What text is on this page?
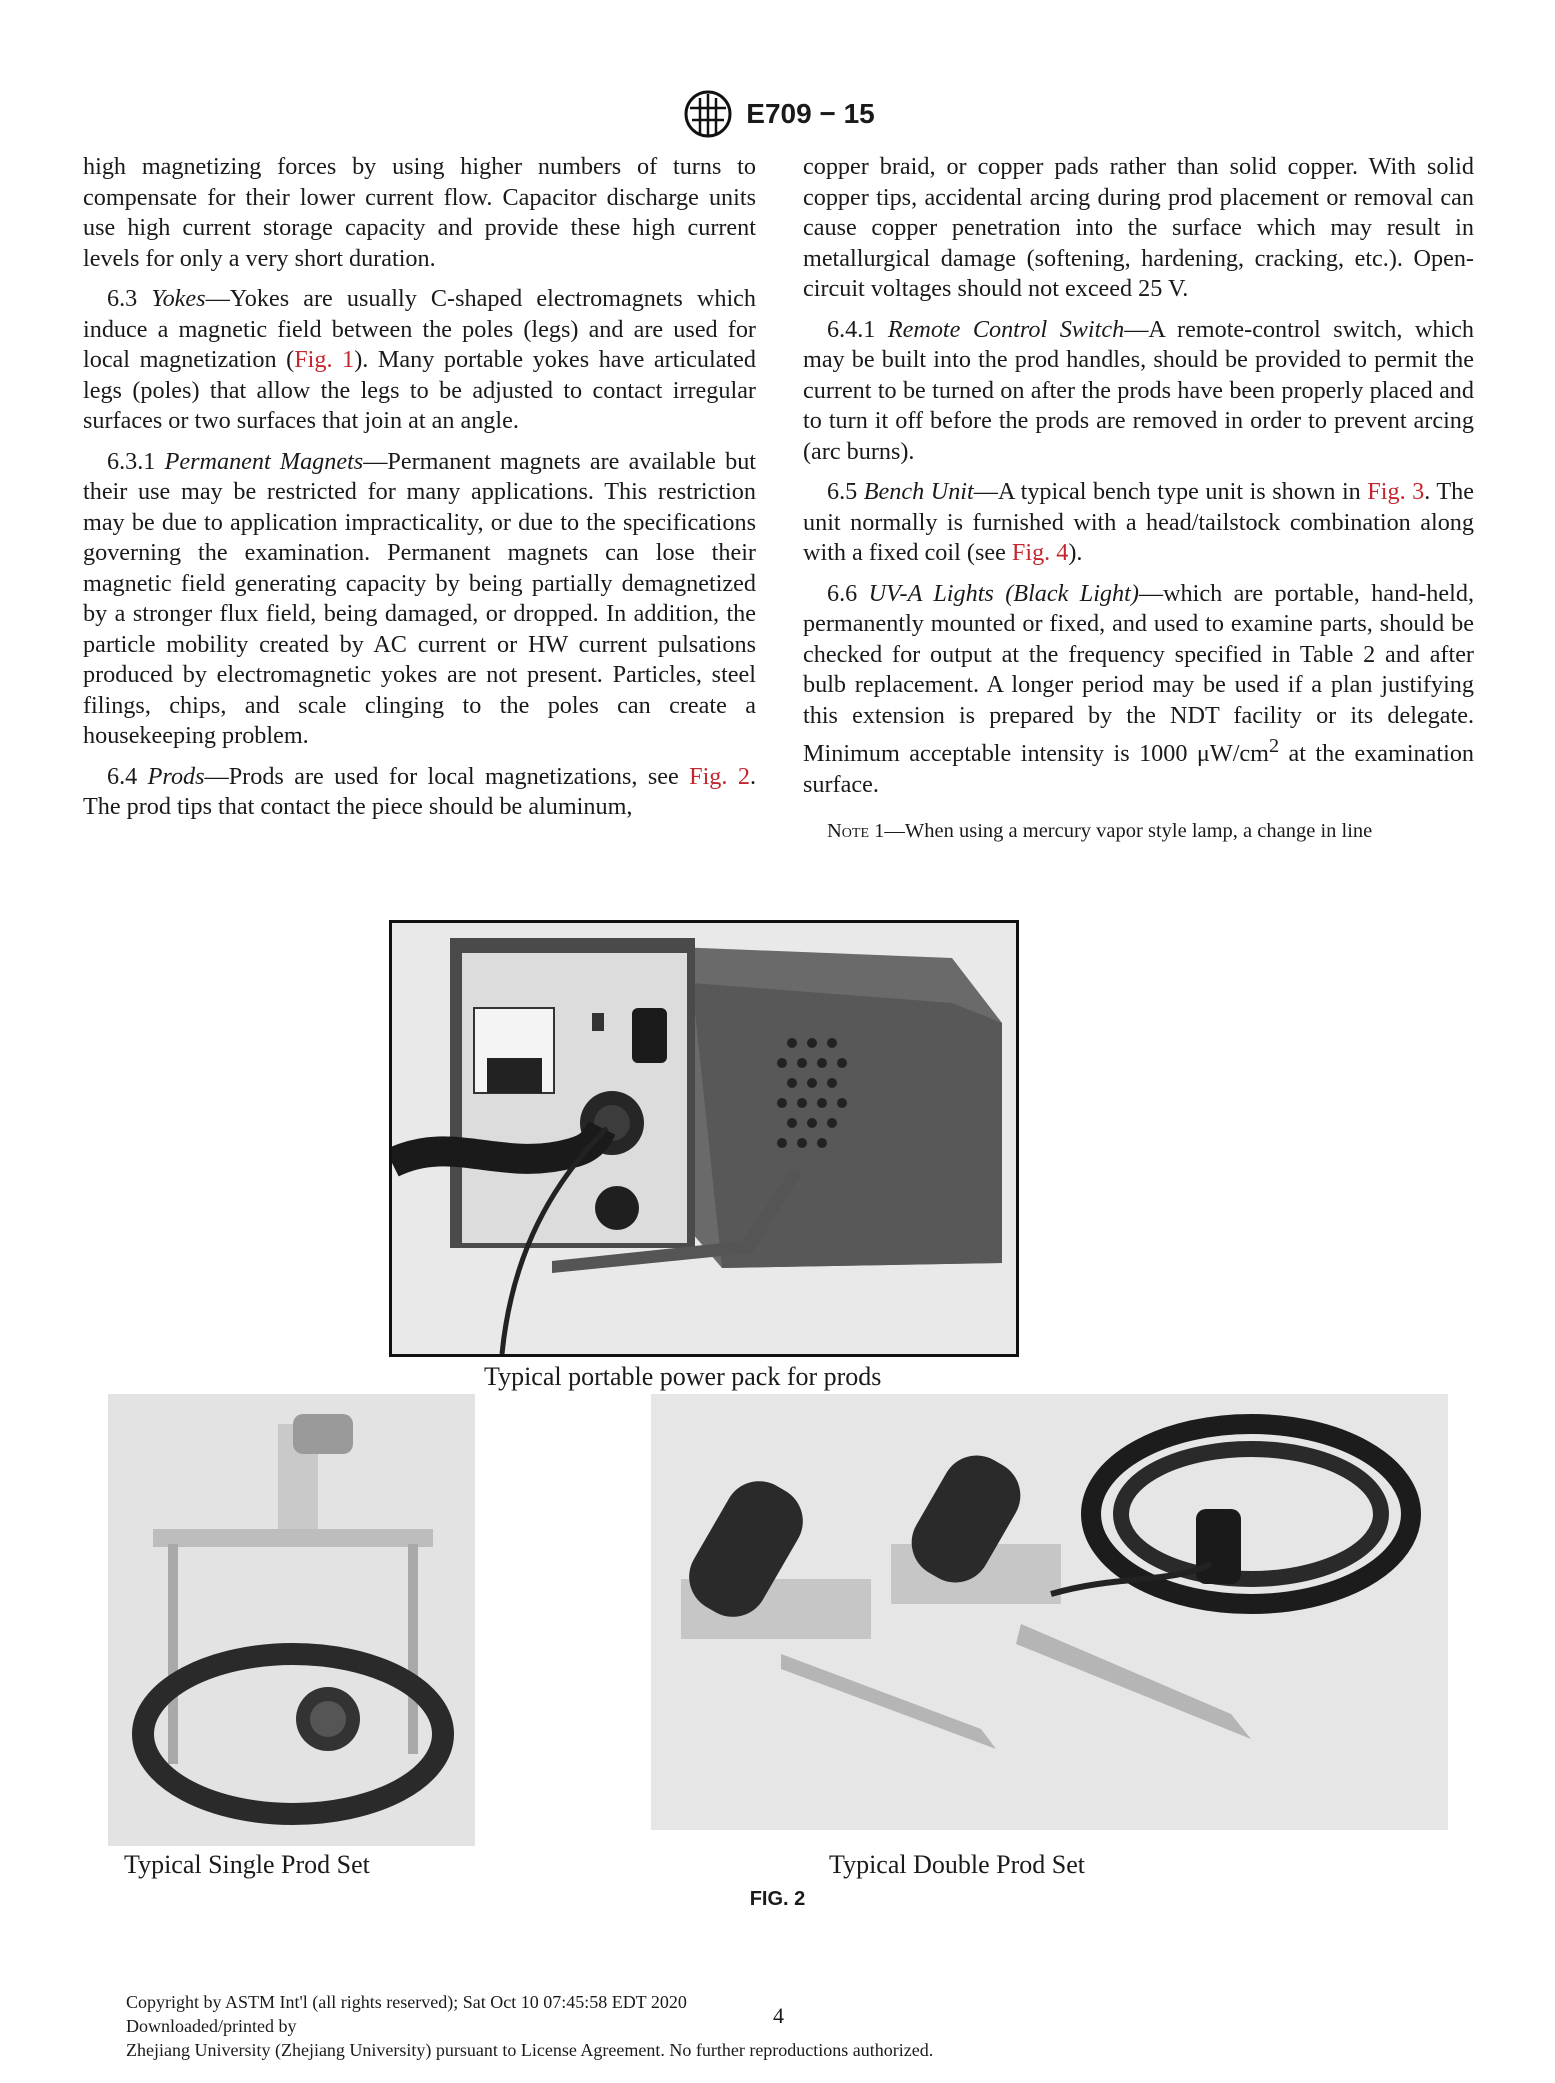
E709 − 15

high magnetizing forces by using higher numbers of turns to compensate for their lower current flow. Capacitor discharge units use high current storage capacity and provide these high current levels for only a very short duration.

6.3 Yokes—Yokes are usually C-shaped electromagnets which induce a magnetic field between the poles (legs) and are used for local magnetization (Fig. 1). Many portable yokes have articulated legs (poles) that allow the legs to be adjusted to contact irregular surfaces or two surfaces that join at an angle.

6.3.1 Permanent Magnets—Permanent magnets are available but their use may be restricted for many applications. This restriction may be due to application impracticality, or due to the specifications governing the examination. Permanent magnets can lose their magnetic field generating capacity by being partially demagnetized by a stronger flux field, being damaged, or dropped. In addition, the particle mobility created by AC current or HW current pulsations produced by electromagnetic yokes are not present. Particles, steel filings, chips, and scale clinging to the poles can create a housekeeping problem.

6.4 Prods—Prods are used for local magnetizations, see Fig. 2. The prod tips that contact the piece should be aluminum,

copper braid, or copper pads rather than solid copper. With solid copper tips, accidental arcing during prod placement or removal can cause copper penetration into the surface which may result in metallurgical damage (softening, hardening, cracking, etc.). Open-circuit voltages should not exceed 25 V.

6.4.1 Remote Control Switch—A remote-control switch, which may be built into the prod handles, should be provided to permit the current to be turned on after the prods have been properly placed and to turn it off before the prods are removed in order to prevent arcing (arc burns).

6.5 Bench Unit—A typical bench type unit is shown in Fig. 3. The unit normally is furnished with a head/tailstock combination along with a fixed coil (see Fig. 4).

6.6 UV-A Lights (Black Light)—which are portable, hand-held, permanently mounted or fixed, and used to examine parts, should be checked for output at the frequency specified in Table 2 and after bulb replacement. A longer period may be used if a plan justifying this extension is prepared by the NDT facility or its delegate. Minimum acceptable intensity is 1000 $\mu W/cm^2$ at the examination surface.

Note 1—When using a mercury vapor style lamp, a change in line

Typical portable power pack for prods
Typical Single Prod Set	Typical Double Prod Set
FIG. 2
Copyright by ASTM Int'l (all rights reserved); Sat Oct 10 07:45:58 EDT 2020
Downloaded/printed by
Zhejiang University (Zhejiang University) pursuant to License Agreement. No further reproductions authorized.
4
